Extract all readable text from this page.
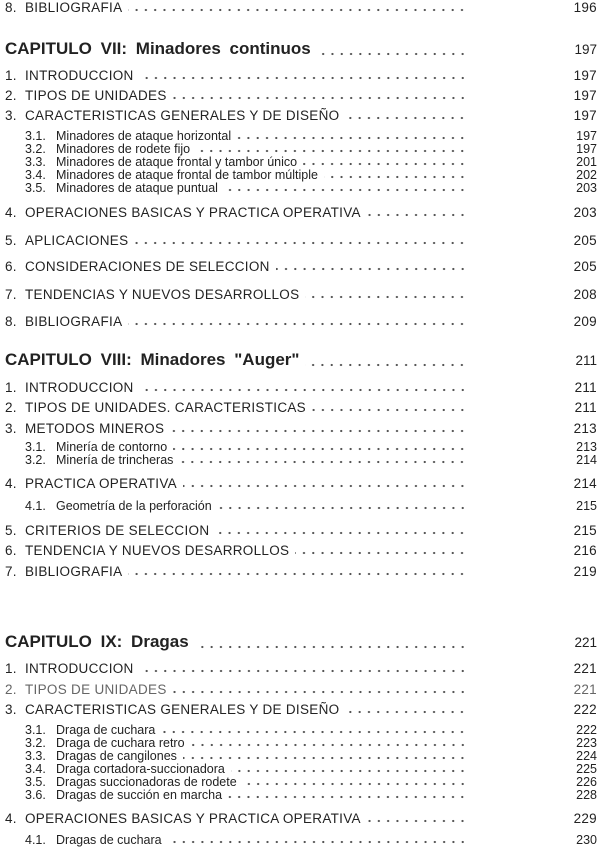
8. BIBLIOGRAFIA	196
CAPITULO VII: Minadores continuos	197
1. INTRODUCCION	197
2. TIPOS DE UNIDADES	197
3. CARACTERISTICAS GENERALES Y DE DISEÑO	197
3.1. Minadores de ataque horizontal	197
3.2. Minadores de rodete fijo	197
3.3. Minadores de ataque frontal y tambor único	201
3.4. Minadores de ataque frontal de tambor múltiple	202
3.5. Minadores de ataque puntual	203
4. OPERACIONES BASICAS Y PRACTICA OPERATIVA	203
5. APLICACIONES	205
6. CONSIDERACIONES DE SELECCION	205
7. TENDENCIAS Y NUEVOS DESARROLLOS	208
8. BIBLIOGRAFIA	209
CAPITULO VIII: Minadores "Auger"	211
1. INTRODUCCION	211
2. TIPOS DE UNIDADES. CARACTERISTICAS	211
3. METODOS MINEROS	213
3.1. Minería de contorno	213
3.2. Minería de trincheras	214
4. PRACTICA OPERATIVA	214
4.1. Geometría de la perforación	215
5. CRITERIOS DE SELECCION	215
6. TENDENCIA Y NUEVOS DESARROLLOS	216
7. BIBLIOGRAFIA	219
CAPITULO IX: Dragas	221
1. INTRODUCCION	221
2. TIPOS DE UNIDADES	221
3. CARACTERISTICAS GENERALES Y DE DISEÑO	222
3.1. Draga de cuchara	222
3.2. Draga de cuchara retro	223
3.3. Dragas de cangilones	224
3.4. Draga cortadora-succionadora	225
3.5. Dragas succionadoras de rodete	226
3.6. Dragas de succión en marcha	228
4. OPERACIONES BASICAS Y PRACTICA OPERATIVA	229
4.1. Dragas de cuchara	230
